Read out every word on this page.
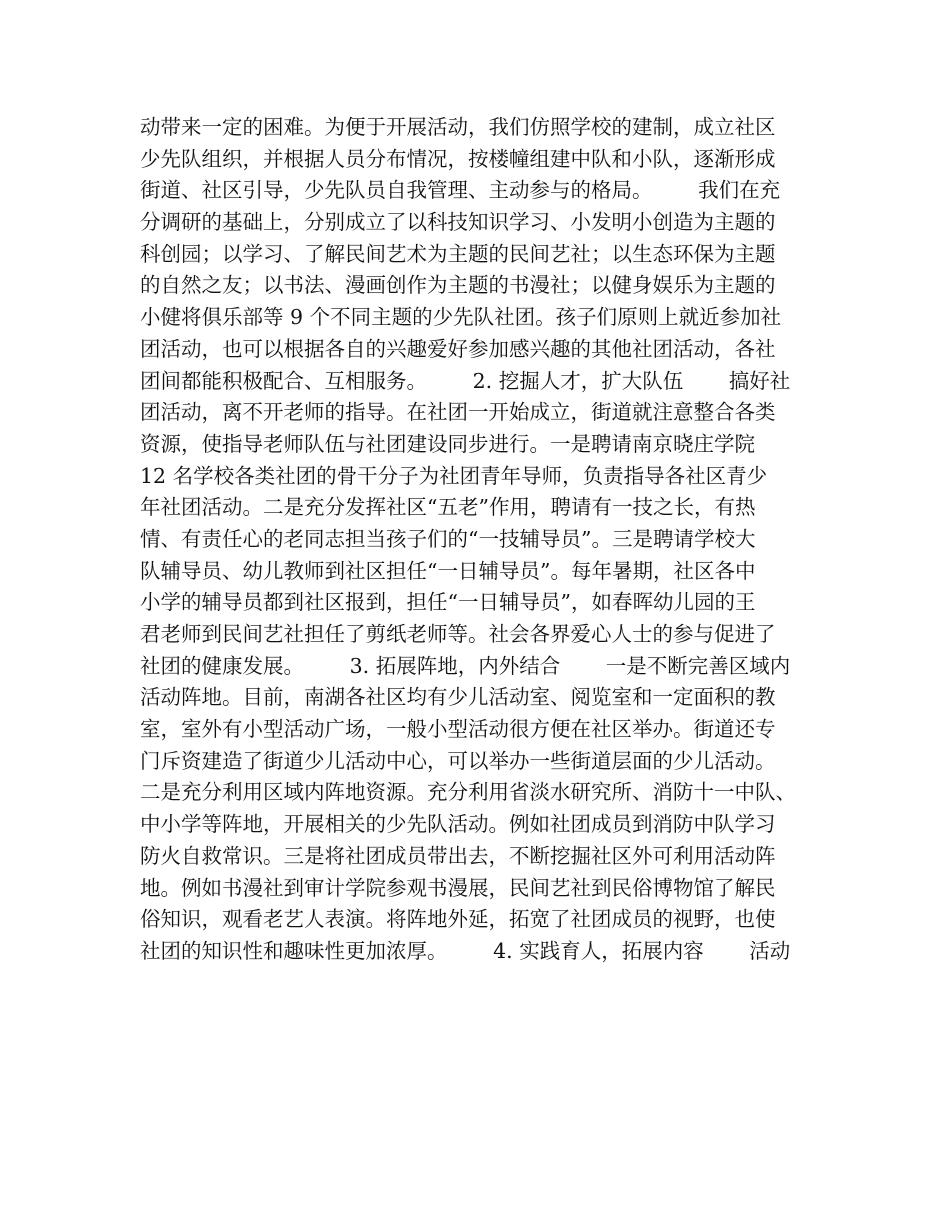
动带来一定的困难。为便于开展活动，我们仿照学校的建制，成立社区
少先队组织，并根据人员分布情况，按楼幢组建中队和小队，逐渐形成
街道、社区引导，少先队员自我管理、主动参与的格局。       我们在充
分调研的基础上，分别成立了以科技知识学习、小发明小创造为主题的
科创园；以学习、了解民间艺术为主题的民间艺社；以生态环保为主题
的自然之友；以书法、漫画创作为主题的书漫社；以健身娱乐为主题的
小健将俱乐部等 9 个不同主题的少先队社团。孩子们原则上就近参加社
团活动，也可以根据各自的兴趣爱好参加感兴趣的其他社团活动，各社
团间都能积极配合、互相服务。       2. 挖掘人才，扩大队伍       搞好社
团活动，离不开老师的指导。在社团一开始成立，街道就注意整合各类
资源，使指导老师队伍与社团建设同步进行。一是聘请南京晓庄学院
12 名学校各类社团的骨干分子为社团青年导师，负责指导各社区青少
年社团活动。二是充分发挥社区“五老”作用，聘请有一技之长，有热
情、有责任心的老同志担当孩子们的“一技辅导员”。三是聘请学校大
队辅导员、幼儿教师到社区担任“一日辅导员”。每年暑期，社区各中
小学的辅导员都到社区报到，担任“一日辅导员”，如春晖幼儿园的王
君老师到民间艺社担任了剪纸老师等。社会各界爱心人士的参与促进了
社团的健康发展。       3. 拓展阵地，内外结合       一是不断完善区域内
活动阵地。目前，南湖各社区均有少儿活动室、阅览室和一定面积的教
室，室外有小型活动广场，一般小型活动很方便在社区举办。街道还专
门斥资建造了街道少儿活动中心，可以举办一些街道层面的少儿活动。
二是充分利用区域内阵地资源。充分利用省淡水研究所、消防十一中队、
中小学等阵地，开展相关的少先队活动。例如社团成员到消防中队学习
防火自救常识。三是将社团成员带出去，不断挖掘社区外可利用活动阵
地。例如书漫社到审计学院参观书漫展，民间艺社到民俗博物馆了解民
俗知识，观看老艺人表演。将阵地外延，拓宽了社团成员的视野，也使
社团的知识性和趣味性更加浓厚。       4. 实践育人，拓展内容       活动
